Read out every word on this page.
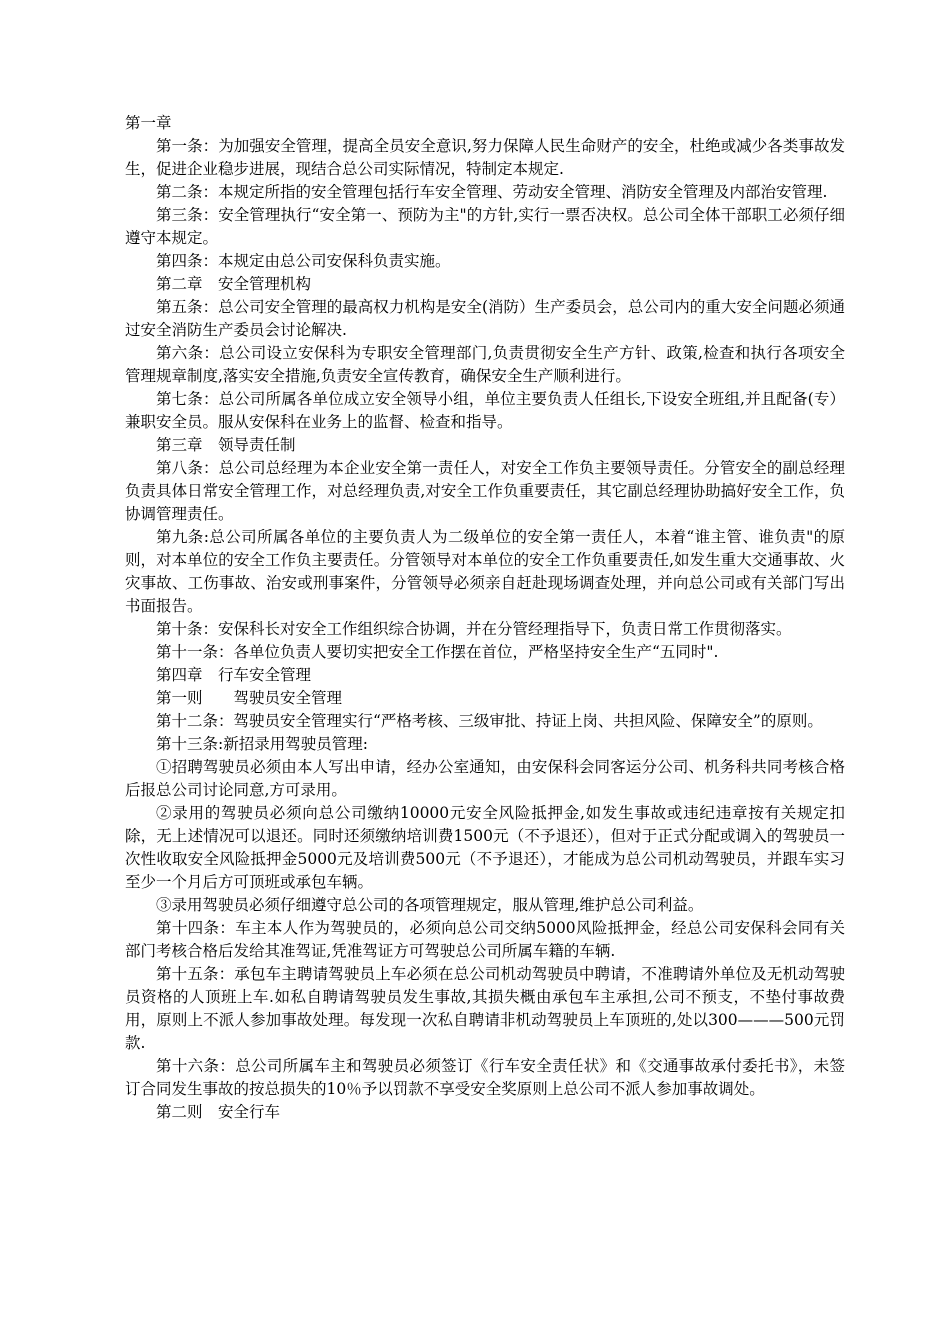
第一章

第一条：为加强安全管理，提高全员安全意识,努力保障人民生命财产的安全，杜绝或减少各类事故发生，促进企业稳步进展，现结合总公司实际情况，特制定本规定.

第二条：本规定所指的安全管理包括行车安全管理、劳动安全管理、消防安全管理及内部治安管理.

第三条：安全管理执行“安全第一、预防为主"的方针,实行一票否决权。总公司全体干部职工必须仔细遵守本规定。

第四条：本规定由总公司安保科负责实施。

第二章　安全管理机构

第五条：总公司安全管理的最高权力机构是安全(消防）生产委员会，总公司内的重大安全问题必须通过安全消防生产委员会讨论解决.

第六条：总公司设立安保科为专职安全管理部门,负责贯彻安全生产方针、政策,检查和执行各项安全管理规章制度,落实安全措施,负责安全宣传教育，确保安全生产顺利进行。

第七条：总公司所属各单位成立安全领导小组，单位主要负责人任组长,下设安全班组,并且配备(专）兼职安全员。服从安保科在业务上的监督、检查和指导。

第三章　领导责任制

第八条：总公司总经理为本企业安全第一责任人，对安全工作负主要领导责任。分管安全的副总经理负责具体日常安全管理工作，对总经理负责,对安全工作负重要责任，其它副总经理协助搞好安全工作，负协调管理责任。

第九条:总公司所属各单位的主要负责人为二级单位的安全第一责任人，本着“谁主管、谁负责"的原则，对本单位的安全工作负主要责任。分管领导对本单位的安全工作负重要责任,如发生重大交通事故、火灾事故、工伤事故、治安或刑事案件，分管领导必须亲自赶赴现场调查处理，并向总公司或有关部门写出书面报告。

第十条：安保科长对安全工作组织综合协调，并在分管经理指导下，负责日常工作贯彻落实。

第十一条：各单位负责人要切实把安全工作摆在首位，严格坚持安全生产“五同时".

第四章　行车安全管理

第一则　　驾驶员安全管理

第十二条：驾驶员安全管理实行“严格考核、三级审批、持证上岗、共担风险、保障安全”的原则。

第十三条:新招录用驾驶员管理:

①招聘驾驶员必须由本人写出申请，经办公室通知，由安保科会同客运分公司、机务科共同考核合格后报总公司讨论同意,方可录用。

②录用的驾驶员必须向总公司缴纳10000元安全风险抵押金,如发生事故或违纪违章按有关规定扣除，无上述情况可以退还。同时还须缴纳培训费1500元（不予退还），但对于正式分配或调入的驾驶员一次性收取安全风险抵押金5000元及培训费500元（不予退还），才能成为总公司机动驾驶员，并跟车实习至少一个月后方可顶班或承包车辆。

③录用驾驶员必须仔细遵守总公司的各项管理规定，服从管理,维护总公司利益。

第十四条：车主本人作为驾驶员的，必须向总公司交纳5000风险抵押金，经总公司安保科会同有关部门考核合格后发给其准驾证,凭准驾证方可驾驶总公司所属车籍的车辆.

第十五条：承包车主聘请驾驶员上车必须在总公司机动驾驶员中聘请，不准聘请外单位及无机动驾驶员资格的人顶班上车.如私自聘请驾驶员发生事故,其损失概由承包车主承担,公司不预支，不垫付事故费用，原则上不派人参加事故处理。每发现一次私自聘请非机动驾驶员上车顶班的,处以300———500元罚款.

第十六条：总公司所属车主和驾驶员必须签订《行车安全责任状》和《交通事故承付委托书》，未签订合同发生事故的按总损失的10％予以罚款不享受安全奖原则上总公司不派人参加事故调处。

第二则　安全行车
